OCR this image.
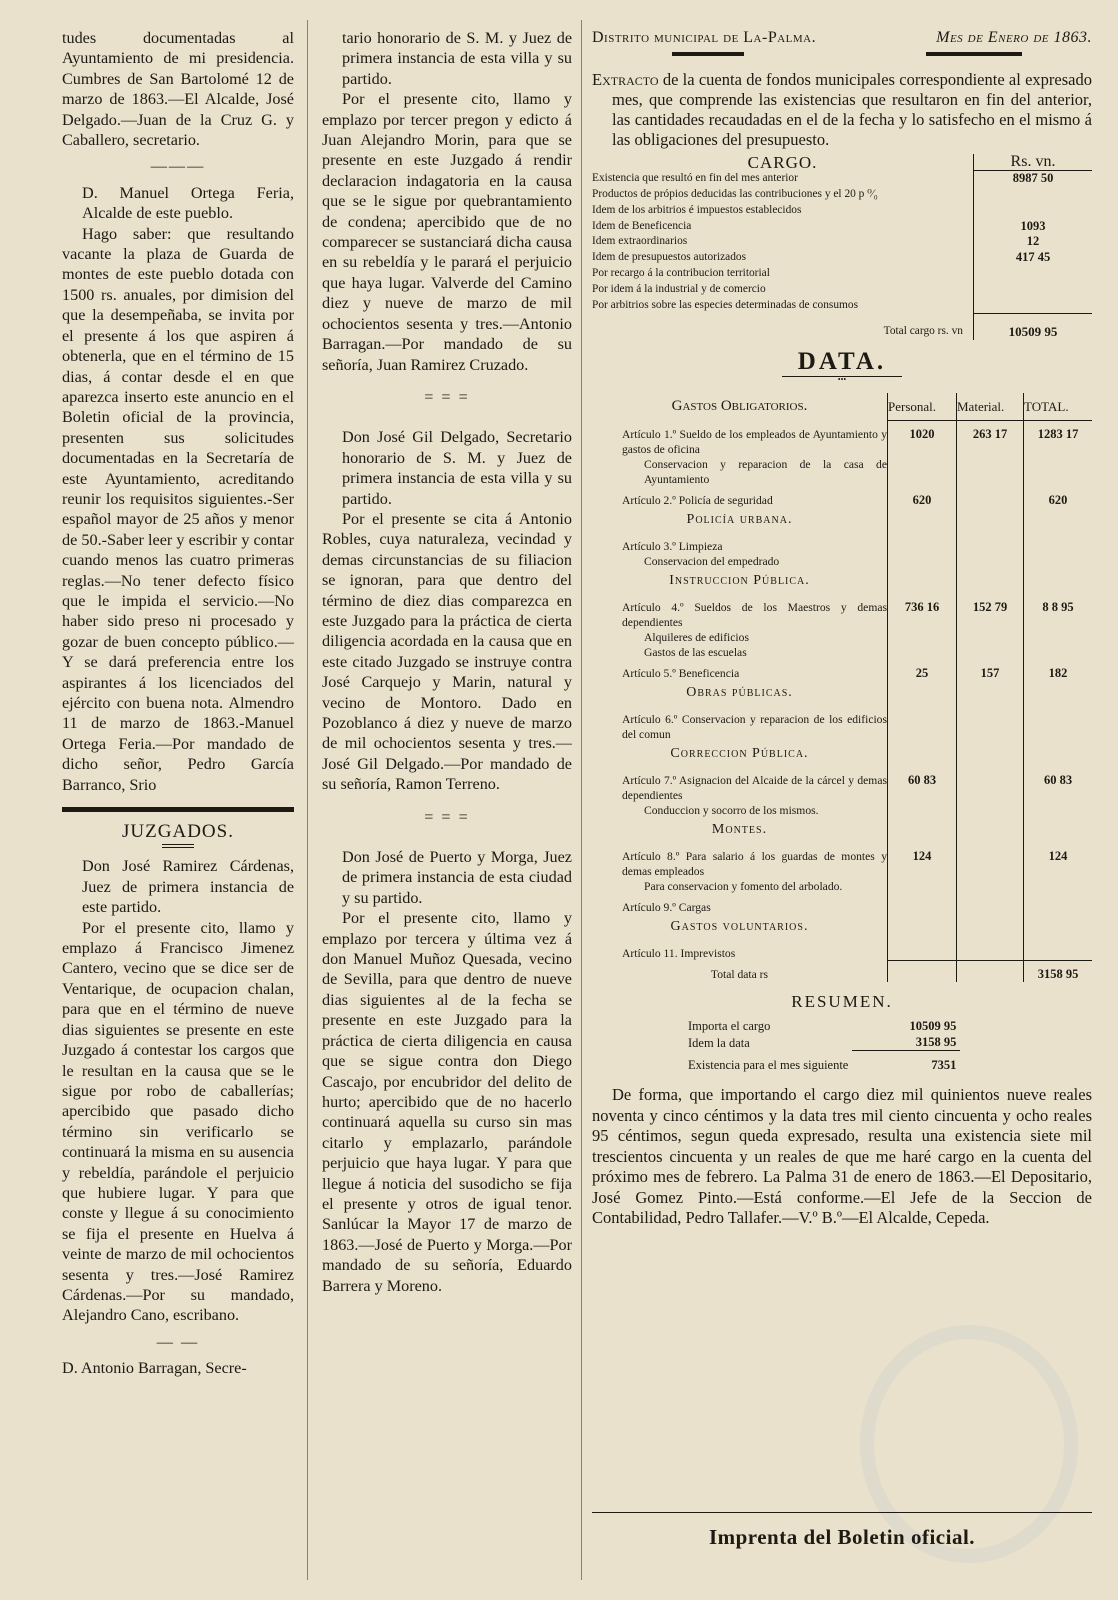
tudes documentadas al Ayuntamiento de mi presidencia. Cumbres de San Bartolomé 12 de marzo de 1863.—El Alcalde, José Delgado.—Juan de la Cruz G. y Caballero, secretario.

———

D. Manuel Ortega Feria, Alcalde de este pueblo.

Hago saber: que resultando vacante la plaza de Guarda de montes de este pueblo dotada con 1500 rs. anuales, por dimision del que la desempeñaba, se invita por el presente á los que aspiren á obtenerla, que en el término de 15 dias, á contar desde el en que aparezca inserto este anuncio en el Boletin oficial de la provincia, presenten sus solicitudes documentadas en la Secretaría de este Ayuntamiento, acreditando reunir los requisitos siguientes.-Ser español mayor de 25 años y menor de 50.-Saber leer y escribir y contar cuando menos las cuatro primeras reglas.—No tener defecto físico que le impida el servicio.—No haber sido preso ni procesado y gozar de buen concepto público.—Y se dará preferencia entre los aspirantes á los licenciados del ejército con buena nota. Almendro 11 de marzo de 1863.-Manuel Ortega Feria.—Por mandado de dicho señor, Pedro García Barranco, Srio

JUZGADOS.

Don José Ramirez Cárdenas, Juez de primera instancia de este partido.

Por el presente cito, llamo y emplazo á Francisco Jimenez Cantero, vecino que se dice ser de Ventarique, de ocupacion chalan, para que en el término de nueve dias siguientes se presente en este Juzgado á contestar los cargos que le resultan en la causa que se le sigue por robo de caballerías; apercibido que pasado dicho término sin verificarlo se continuará la misma en su ausencia y rebeldía, parándole el perjuicio que hubiere lugar. Y para que conste y llegue á su conocimiento se fija el presente en Huelva á veinte de marzo de mil ochocientos sesenta y tres.—José Ramirez Cárdenas.—Por su mandado, Alejandro Cano, escribano.

— —

D. Antonio Barragan, Secre-

tario honorario de S. M. y Juez de primera instancia de esta villa y su partido.

Por el presente cito, llamo y emplazo por tercer pregon y edicto á Juan Alejandro Morin, para que se presente en este Juzgado á rendir declaracion indagatoria en la causa que se le sigue por quebrantamiento de condena; apercibido que de no comparecer se sustanciará dicha causa en su rebeldía y le parará el perjuicio que haya lugar. Valverde del Camino diez y nueve de marzo de mil ochocientos sesenta y tres.—Antonio Barragan.—Por mandado de su señoría, Juan Ramirez Cruzado.

= = =

Don José Gil Delgado, Secretario honorario de S. M. y Juez de primera instancia de esta villa y su partido.

Por el presente se cita á Antonio Robles, cuya naturaleza, vecindad y demas circunstancias de su filiacion se ignoran, para que dentro del término de diez dias comparezca en este Juzgado para la práctica de cierta diligencia acordada en la causa que en este citado Juzgado se instruye contra José Carquejo y Marin, natural y vecino de Montoro. Dado en Pozoblanco á diez y nueve de marzo de mil ochocientos sesenta y tres.—José Gil Delgado.—Por mandado de su señoría, Ramon Terreno.

= = =

Don José de Puerto y Morga, Juez de primera instancia de esta ciudad y su partido.

Por el presente cito, llamo y emplazo por tercera y última vez á don Manuel Muñoz Quesada, vecino de Sevilla, para que dentro de nueve dias siguientes al de la fecha se presente en este Juzgado para la práctica de cierta diligencia en causa que se sigue contra don Diego Cascajo, por encubridor del delito de hurto; apercibido que de no hacerlo continuará aquella su curso sin mas citarlo y emplazarlo, parándole perjuicio que haya lugar. Y para que llegue á noticia del susodicho se fija el presente y otros de igual tenor. Sanlúcar la Mayor 17 de marzo de 1863.—José de Puerto y Morga.—Por mandado de su señoría, Eduardo Barrera y Moreno.

Distrito municipal de La-Palma.	Mes de Enero de 1863.

Extracto de la cuenta de fondos municipales correspondiente al expresado mes, que comprende las existencias que resultaron en fin del anterior, las cantidades recaudadas en el de la fecha y lo satisfecho en el mismo á las obligaciones del presupuesto.

CARGO.	Rs. vn.
Existencia que resultó en fin del mes anterior	8987 50
Productos de própios deducidas las contribuciones y el 20 p ⁰⁄₀	
Idem de los arbitrios é impuestos establecidos	
Idem de Beneficencia	1093
Idem extraordinarios	12
Idem de presupuestos autorizados	417 45
Por recargo á la contribucion territorial	
Por idem á la industrial y de comercio	
Por arbitrios sobre las especies determinadas de consumos	
Total cargo rs. vn	10509 95
DATA.
•••
Gastos Obligatorios.	Personal.	Material.	TOTAL.
Artículo 1.º Sueldo de los empleados de Ayuntamiento y gastos de oficina	1020	263 17	1283 17
Conservacion y reparacion de la casa de Ayuntamiento			
Artículo 2.º Policía de seguridad	620		620
Policía urbana.			
Artículo 3.º Limpieza			
Conservacion del empedrado			
Instruccion Pública.			
Artículo 4.º Sueldos de los Maestros y demas dependientes	736 16	152 79	8 8 95
Alquileres de edificios			
Gastos de las escuelas			
Artículo 5.º Beneficencia	25	157	182
Obras públicas.			
Artículo 6.º Conservacion y reparacion de los edificios del comun			
Correccion Pública.			
Artículo 7.º Asignacion del Alcaide de la cárcel y demas dependientes	60 83		60 83
Conduccion y socorro de los mismos.			
Montes.			
Artículo 8.º Para salario á los guardas de montes y demas empleados	124		124
Para conservacion y fomento del arbolado.			
Artículo 9.º Cargas			
Gastos voluntarios.			
Artículo 11. Imprevistos			
Total data rs			3158 95
RESUMEN.
Importa el cargo	10509 95
Idem la data	3158 95
Existencia para el mes siguiente	7351

De forma, que importando el cargo diez mil quinientos nueve reales noventa y cinco céntimos y la data tres mil ciento cincuenta y ocho reales 95 céntimos, segun queda expresado, resulta una existencia siete mil trescientos cincuenta y un reales de que me haré cargo en la cuenta del próximo mes de febrero. La Palma 31 de enero de 1863.—El Depositario, José Gomez Pinto.—Está conforme.—El Jefe de la Seccion de Contabilidad, Pedro Tallafer.—V.º B.º—El Alcalde, Cepeda.

Imprenta del Boletin oficial.
